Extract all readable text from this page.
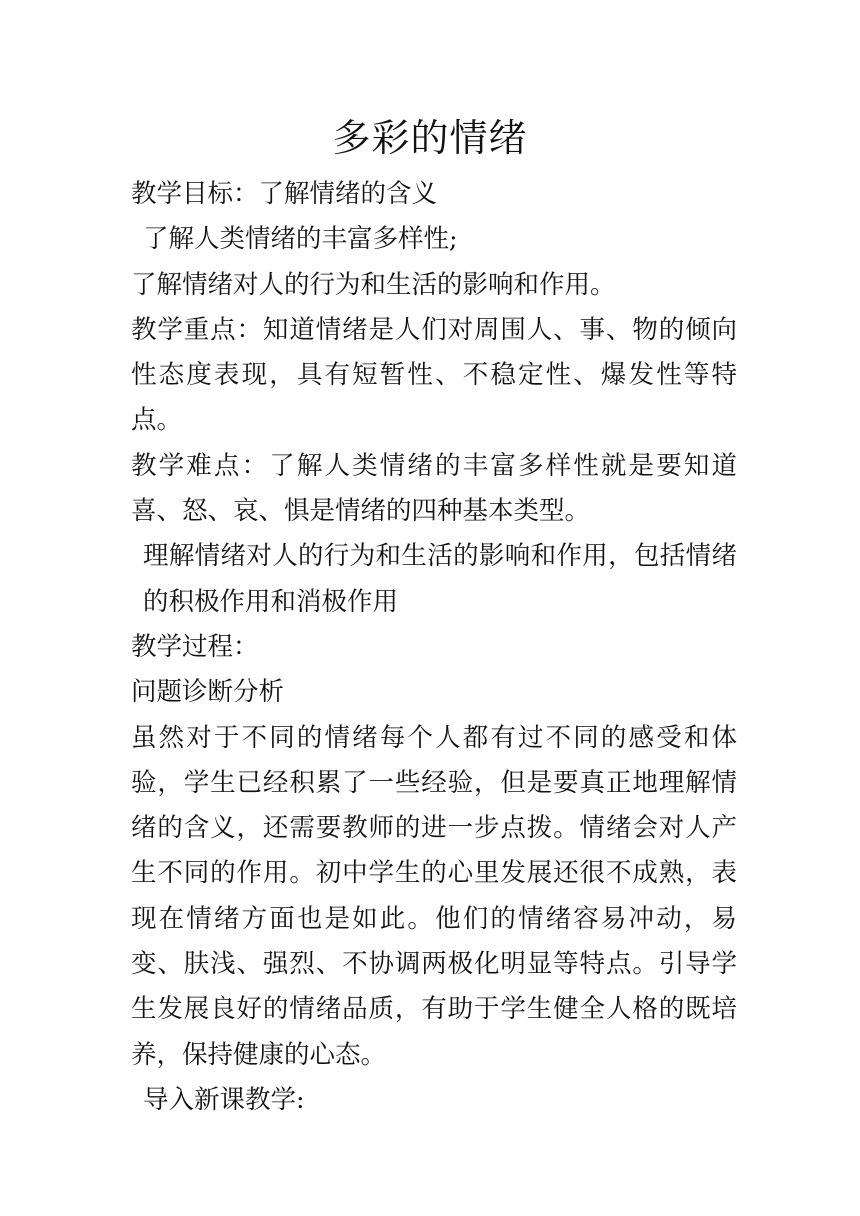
多彩的情绪

教学目标：了解情绪的含义

了解人类情绪的丰富多样性;

了解情绪对人的行为和生活的影响和作用。

教学重点：知道情绪是人们对周围人、事、物的倾向性态度表现，具有短暂性、不稳定性、爆发性等特点。

教学难点：了解人类情绪的丰富多样性就是要知道喜、怒、哀、惧是情绪的四种基本类型。

理解情绪对人的行为和生活的影响和作用，包括情绪的积极作用和消极作用

教学过程：

问题诊断分析

虽然对于不同的情绪每个人都有过不同的感受和体验，学生已经积累了一些经验，但是要真正地理解情绪的含义，还需要教师的进一步点拨。情绪会对人产生不同的作用。初中学生的心里发展还很不成熟，表现在情绪方面也是如此。他们的情绪容易冲动，易变、肤浅、强烈、不协调两极化明显等特点。引导学生发展良好的情绪品质，有助于学生健全人格的既培养，保持健康的心态。

导入新课教学:
